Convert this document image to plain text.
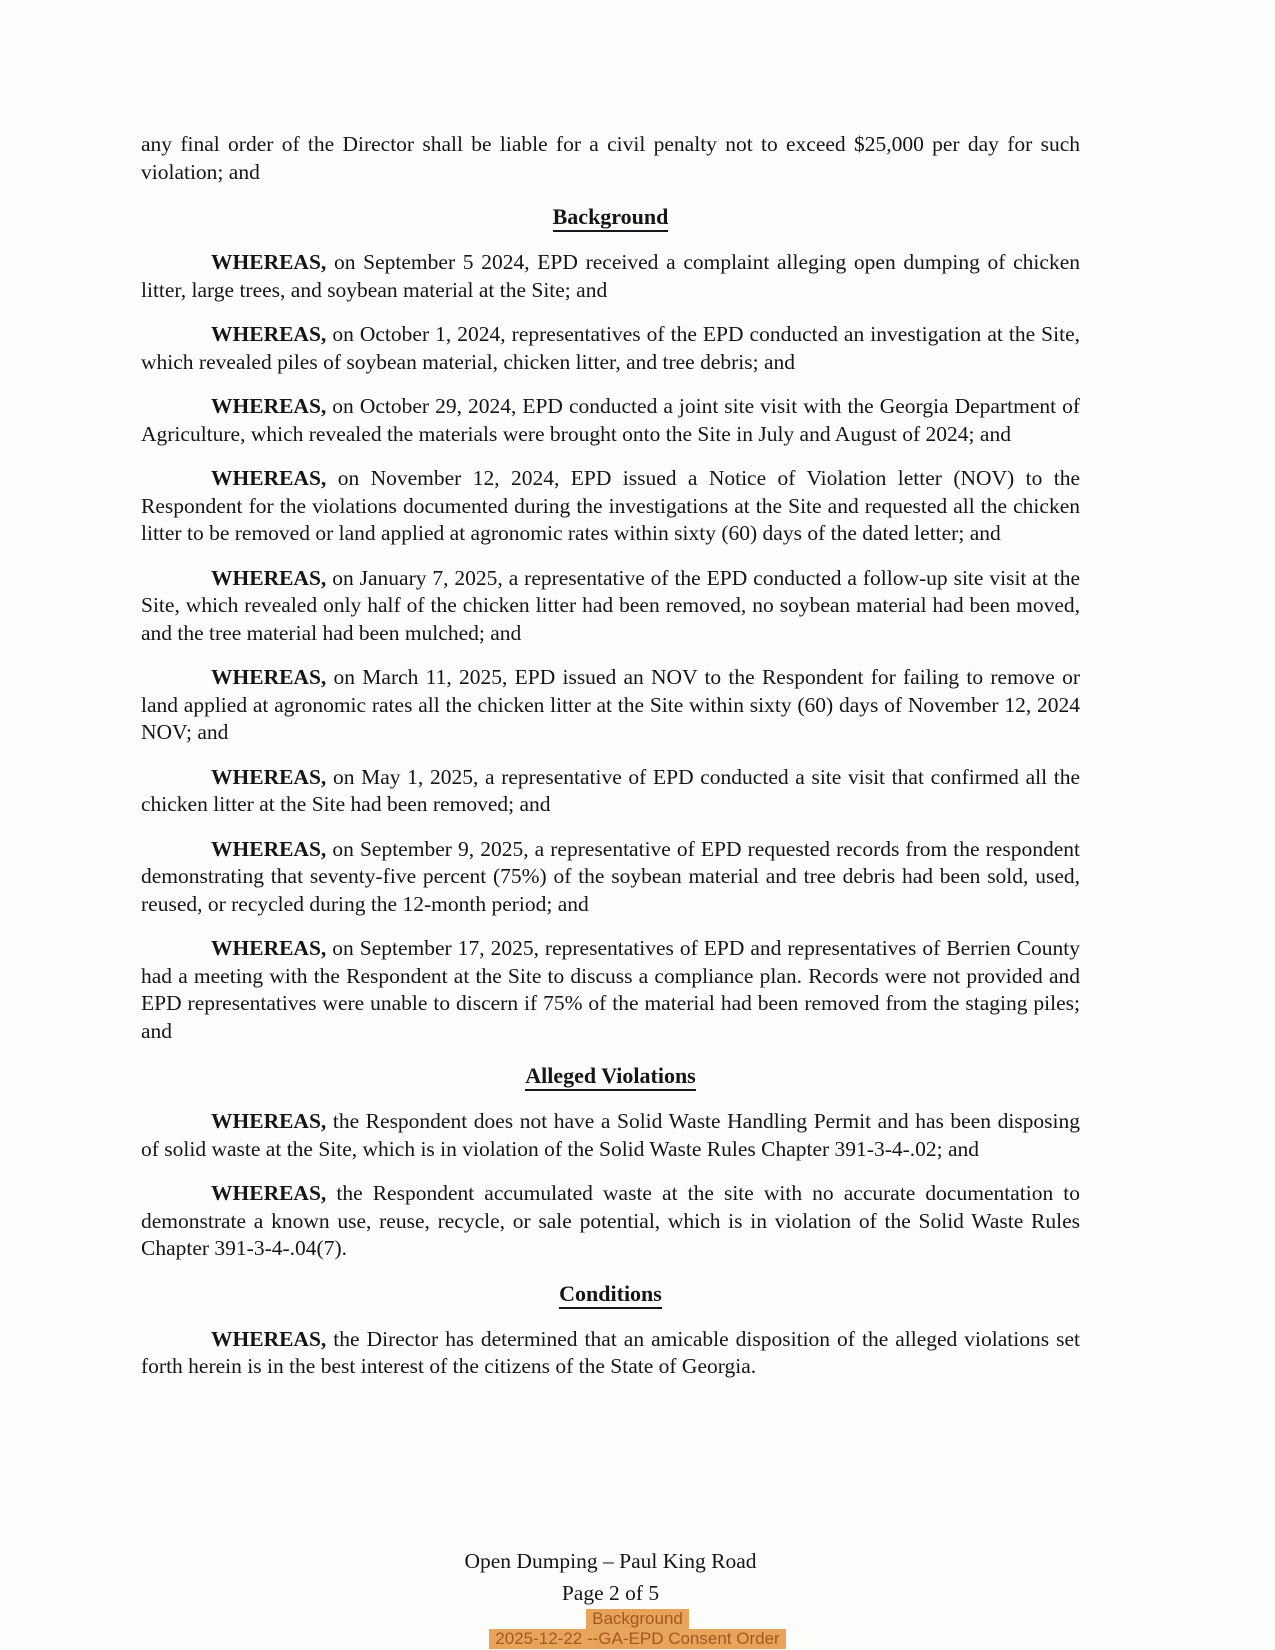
any final order of the Director shall be liable for a civil penalty not to exceed $25,000 per day for such violation; and

Background

WHEREAS, on September 5 2024, EPD received a complaint alleging open dumping of chicken litter, large trees, and soybean material at the Site; and

WHEREAS, on October 1, 2024, representatives of the EPD conducted an investigation at the Site, which revealed piles of soybean material, chicken litter, and tree debris; and

WHEREAS, on October 29, 2024, EPD conducted a joint site visit with the Georgia Department of Agriculture, which revealed the materials were brought onto the Site in July and August of 2024; and

WHEREAS, on November 12, 2024, EPD issued a Notice of Violation letter (NOV) to the Respondent for the violations documented during the investigations at the Site and requested all the chicken litter to be removed or land applied at agronomic rates within sixty (60) days of the dated letter; and

WHEREAS, on January 7, 2025, a representative of the EPD conducted a follow-up site visit at the Site, which revealed only half of the chicken litter had been removed, no soybean material had been moved, and the tree material had been mulched; and

WHEREAS, on March 11, 2025, EPD issued an NOV to the Respondent for failing to remove or land applied at agronomic rates all the chicken litter at the Site within sixty (60) days of November 12, 2024 NOV; and

WHEREAS, on May 1, 2025, a representative of EPD conducted a site visit that confirmed all the chicken litter at the Site had been removed; and

WHEREAS, on September 9, 2025, a representative of EPD requested records from the respondent demonstrating that seventy-five percent (75%) of the soybean material and tree debris had been sold, used, reused, or recycled during the 12-month period; and

WHEREAS, on September 17, 2025, representatives of EPD and representatives of Berrien County had a meeting with the Respondent at the Site to discuss a compliance plan. Records were not provided and EPD representatives were unable to discern if 75% of the material had been removed from the staging piles; and

Alleged Violations

WHEREAS, the Respondent does not have a Solid Waste Handling Permit and has been disposing of solid waste at the Site, which is in violation of the Solid Waste Rules Chapter 391-3-4-.02; and

WHEREAS, the Respondent accumulated waste at the site with no accurate documentation to demonstrate a known use, reuse, recycle, or sale potential, which is in violation of the Solid Waste Rules Chapter 391-3-4-.04(7).

Conditions

WHEREAS, the Director has determined that an amicable disposition of the alleged violations set forth herein is in the best interest of the citizens of the State of Georgia.

Open Dumping – Paul King Road
Page 2 of 5
Background
2025-12-22 --GA-EPD Consent Order
